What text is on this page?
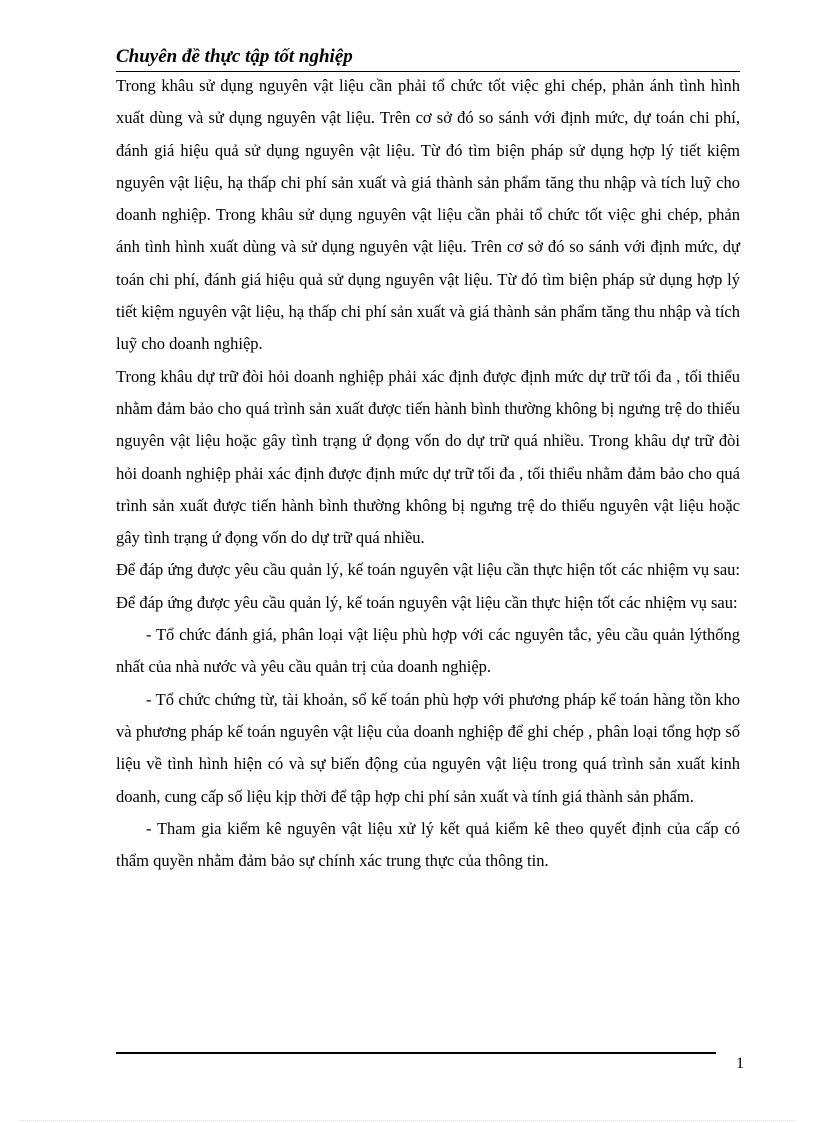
Chuyên đề thực tập tốt nghiệp

Trong khâu sử dụng nguyên vật liệu cần phải tổ chức tốt việc ghi chép, phản ánh tình hình xuất dùng và sử dụng nguyên vật liệu. Trên cơ sở đó so sánh với định mức, dự toán chi phí, đánh giá hiệu quả sử dụng nguyên vật liệu. Từ đó tìm biện pháp sử dụng hợp lý tiết kiệm nguyên vật liệu, hạ thấp chi phí sản xuất và giá thành sản phẩm tăng thu nhập và tích luỹ cho doanh nghiệp. Trong khâu sử dụng nguyên vật liệu cần phải tổ chức tốt việc ghi chép, phản ánh tình hình xuất dùng và sử dụng nguyên vật liệu. Trên cơ sở đó so sánh với định mức, dự toán chi phí, đánh giá hiệu quả sử dụng nguyên vật liệu. Từ đó tìm biện pháp sử dụng hợp lý tiết kiệm nguyên vật liệu, hạ thấp chi phí sản xuất và giá thành sản phẩm tăng thu nhập và tích luỹ cho doanh nghiệp.

Trong khâu dự trữ đòi hỏi doanh nghiệp phải xác định được định mức dự trữ tối đa , tối thiểu nhằm đảm bảo cho quá trình sản xuất được tiến hành bình thường không bị ngưng trệ do thiếu nguyên vật liệu hoặc gây tình trạng ứ đọng vốn do dự trữ quá nhiều. Trong khâu dự trữ đòi hỏi doanh nghiệp phải xác định được định mức dự trữ tối đa , tối thiểu nhằm đảm bảo cho quá trình sản xuất được tiến hành bình thường không bị ngưng trệ do thiếu nguyên vật liệu hoặc gây tình trạng ứ đọng vốn do dự trữ quá nhiều.

Để đáp ứng được yêu cầu quản lý, kế toán nguyên vật liệu cần thực hiện tốt các nhiệm vụ sau: Để đáp ứng được yêu cầu quản lý, kế toán nguyên vật liệu cần thực hiện tốt các nhiệm vụ sau:

- Tổ chức đánh giá, phân loại vật liệu phù hợp với các nguyên tắc, yêu cầu quản lýthống nhất của nhà nước và yêu cầu quản trị của doanh nghiệp.

- Tổ chức chứng từ, tài khoản, sổ kế toán phù hợp với phương pháp kế toán hàng tồn kho và phương pháp kế toán nguyên vật liệu của doanh nghiệp để ghi chép , phân loại tổng hợp số liệu về tình hình hiện có và sự biến động của nguyên vật liệu trong quá trình sản xuất kinh doanh, cung cấp số liệu kịp thời để tập hợp chi phí sản xuất và tính giá thành sản phẩm.

- Tham gia kiểm kê nguyên vật liệu xử lý kết quả kiểm kê theo quyết định của cấp có thẩm quyền nhằm đảm bảo sự chính xác trung thực của thông tin.

1
